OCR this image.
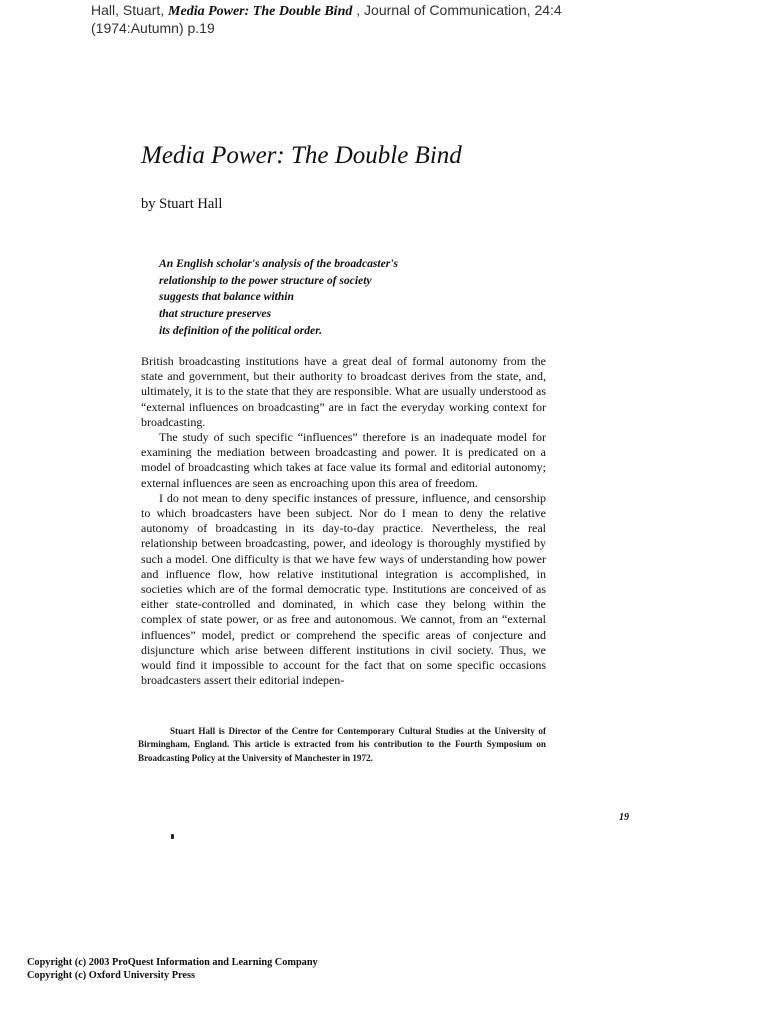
Hall, Stuart, Media Power: The Double Bind , Journal of Communication, 24:4
(1974:Autumn) p.19
Media Power: The Double Bind
by Stuart Hall
An English scholar's analysis of the broadcaster's
relationship to the power structure of society
suggests that balance within
that structure preserves
its definition of the political order.

British broadcasting institutions have a great deal of formal autonomy from the state and government, but their authority to broadcast derives from the state, and, ultimately, it is to the state that they are responsible. What are usually understood as “external influences on broadcasting” are in fact the everyday working context for broadcasting.

The study of such specific “influences” therefore is an inadequate model for examining the mediation between broadcasting and power. It is predicated on a model of broadcasting which takes at face value its formal and editorial autonomy; external influences are seen as encroaching upon this area of freedom.

I do not mean to deny specific instances of pressure, influence, and censorship to which broadcasters have been subject. Nor do I mean to deny the relative autonomy of broadcasting in its day-to-day practice. Nevertheless, the real relationship between broadcasting, power, and ideology is thoroughly mystified by such a model. One difficulty is that we have few ways of understanding how power and influence flow, how relative institutional integration is accomplished, in societies which are of the formal democratic type. Institutions are conceived of as either state-controlled and dominated, in which case they belong within the complex of state power, or as free and autonomous. We cannot, from an “external influences” model, predict or comprehend the specific areas of conjecture and disjuncture which arise between different institutions in civil society. Thus, we would find it impossible to account for the fact that on some specific occasions broadcasters assert their editorial indepen-

Stuart Hall is Director of the Centre for Contemporary Cultural Studies at the University of Birmingham, England. This article is extracted from his contribution to the Fourth Symposium on Broadcasting Policy at the University of Manchester in 1972.

19
Copyright (c) 2003 ProQuest Information and Learning Company
Copyright (c) Oxford University Press
